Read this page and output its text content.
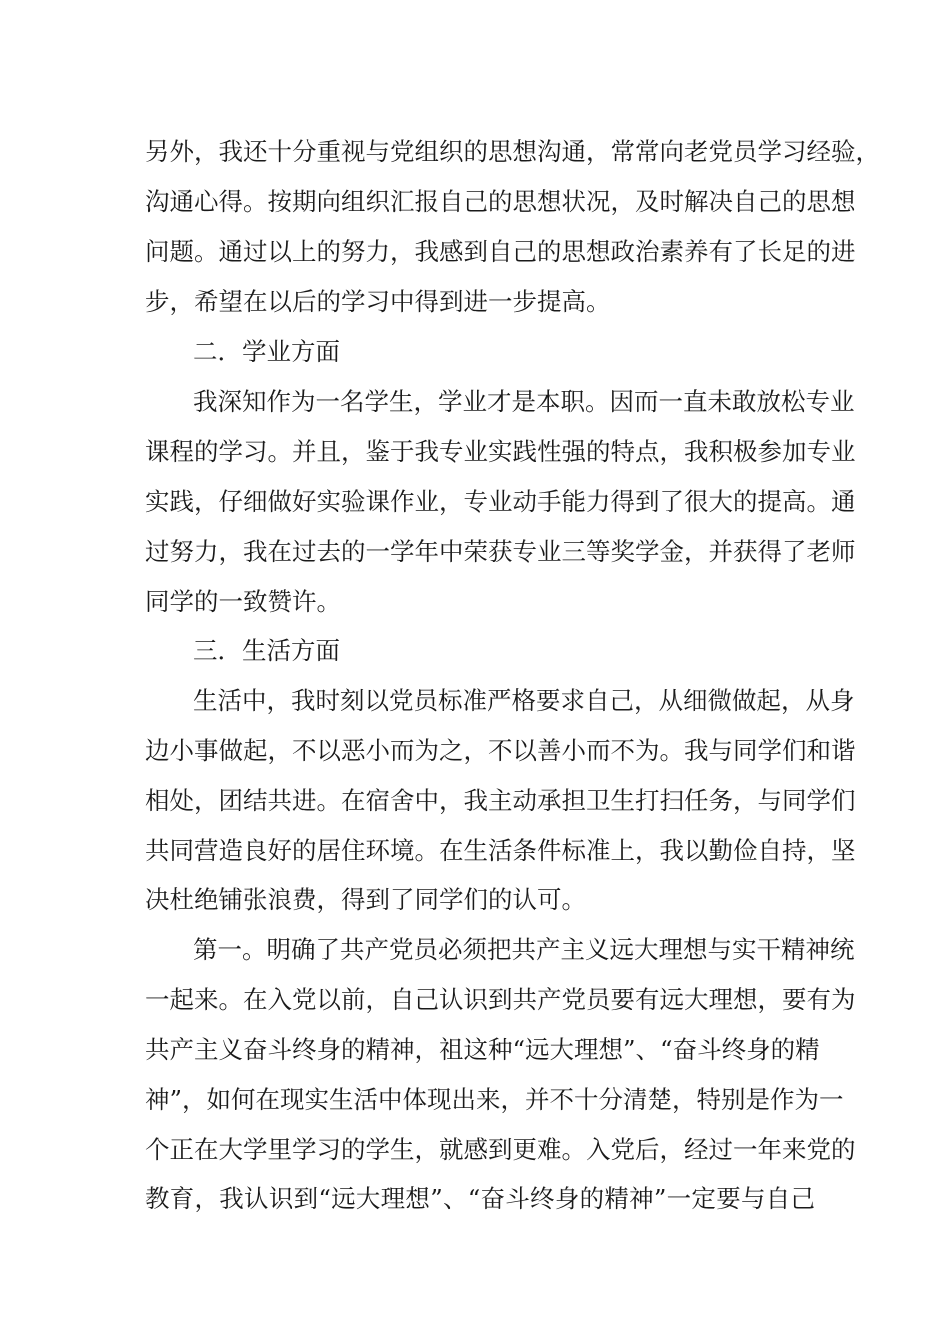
另外，我还十分重视与党组织的思想沟通，常常向老党员学习经验，
沟通心得。按期向组织汇报自己的思想状况，及时解决自己的思想
问题。通过以上的努力，我感到自己的思想政治素养有了长足的进
步，希望在以后的学习中得到进一步提高。
二．学业方面
我深知作为一名学生，学业才是本职。因而一直未敢放松专业
课程的学习。并且，鉴于我专业实践性强的特点，我积极参加专业
实践，仔细做好实验课作业，专业动手能力得到了很大的提高。通
过努力，我在过去的一学年中荣获专业三等奖学金，并获得了老师
同学的一致赞许。
三．生活方面
生活中，我时刻以党员标准严格要求自己，从细微做起，从身
边小事做起，不以恶小而为之，不以善小而不为。我与同学们和谐
相处，团结共进。在宿舍中，我主动承担卫生打扫任务，与同学们
共同营造良好的居住环境。在生活条件标准上，我以勤俭自持，坚
决杜绝铺张浪费，得到了同学们的认可。
第一。明确了共产党员必须把共产主义远大理想与实干精神统
一起来。在入党以前，自己认识到共产党员要有远大理想，要有为
共产主义奋斗终身的精神，祖这种“远大理想”、“奋斗终身的精
神”，如何在现实生活中体现出来，并不十分清楚，特别是作为一
个正在大学里学习的学生，就感到更难。入党后，经过一年来党的
教育，我认识到“远大理想”、“奋斗终身的精神”一定要与自己
